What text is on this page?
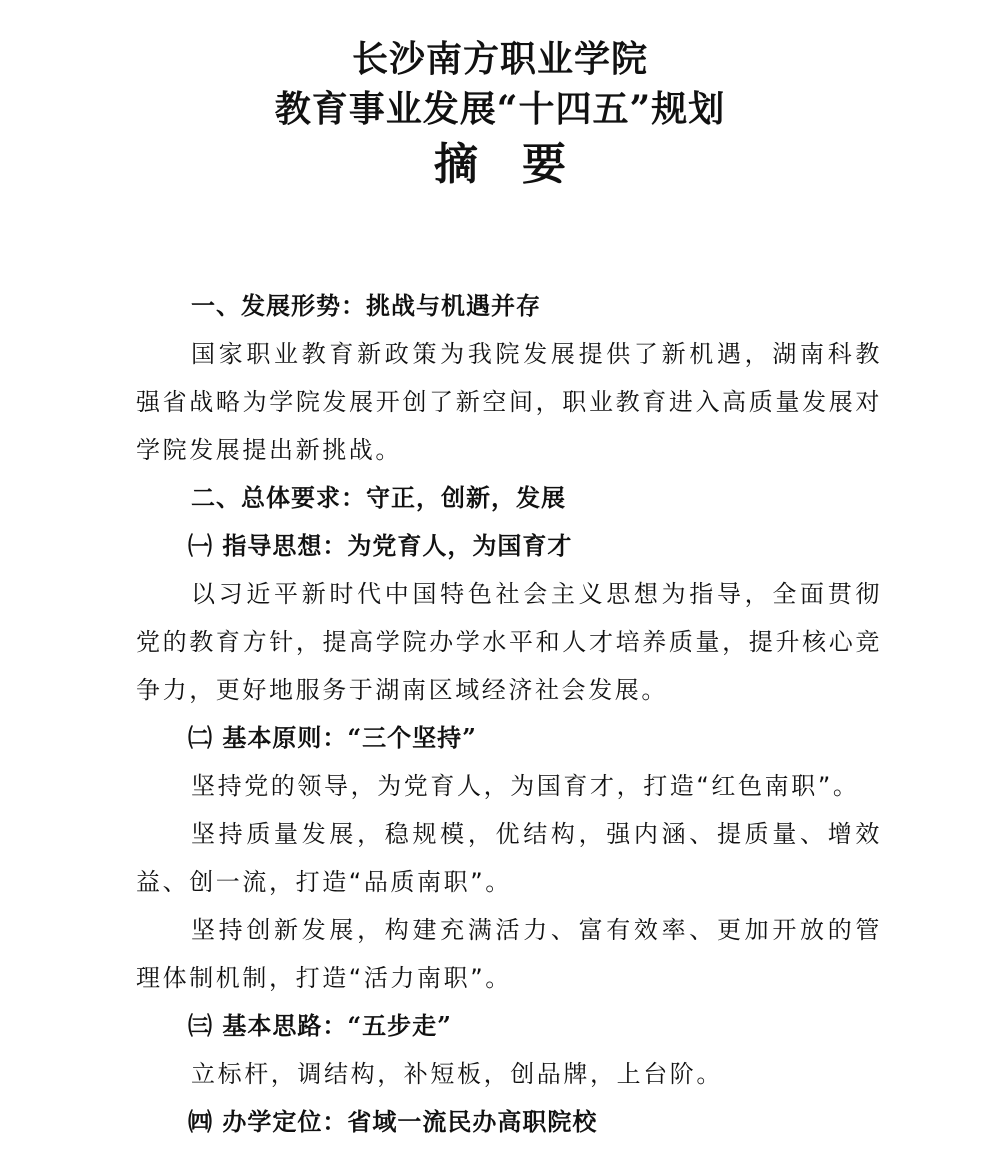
长沙南方职业学院
教育事业发展“十四五”规划
摘要

一、发展形势：挑战与机遇并存

国家职业教育新政策为我院发展提供了新机遇，湖南科教强省战略为学院发展开创了新空间，职业教育进入高质量发展对学院发展提出新挑战。

二、总体要求：守正，创新，发展

㈠ 指导思想：为党育人，为国育才

以习近平新时代中国特色社会主义思想为指导，全面贯彻党的教育方针，提高学院办学水平和人才培养质量，提升核心竞争力，更好地服务于湖南区域经济社会发展。

㈡ 基本原则：“三个坚持”

坚持党的领导，为党育人，为国育才，打造“红色南职”。

坚持质量发展，稳规模，优结构，强内涵、提质量、增效益、创一流，打造“品质南职”。

坚持创新发展，构建充满活力、富有效率、更加开放的管理体制机制，打造“活力南职”。

㈢ 基本思路：“五步走”

立标杆，调结构，补短板，创品牌，上台阶。

㈣ 办学定位：省域一流民办高职院校
